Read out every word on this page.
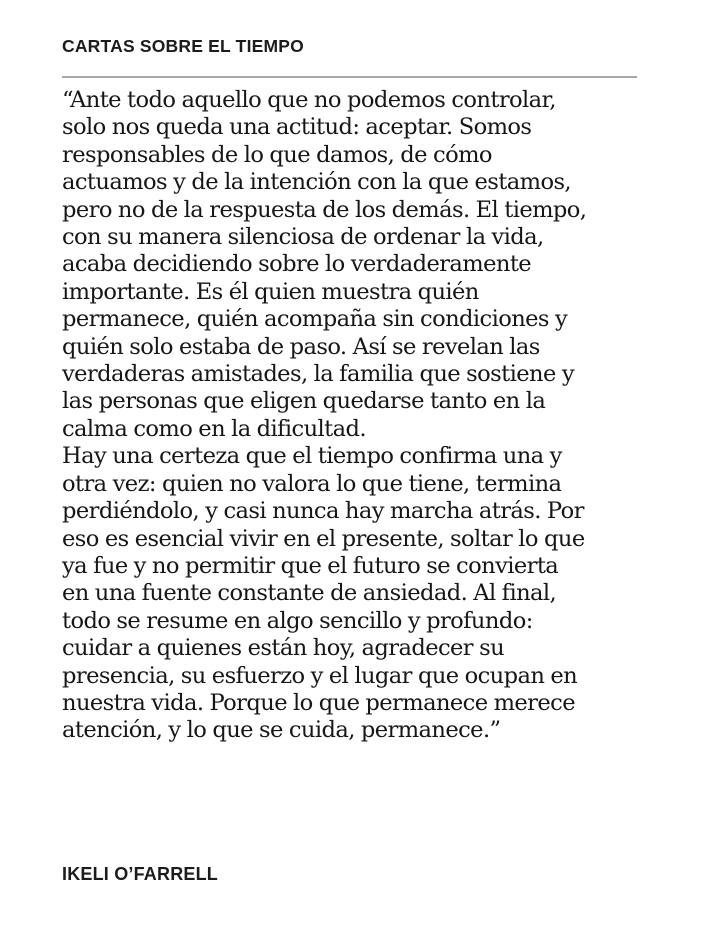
CARTAS SOBRE EL TIEMPO
“Ante todo aquello que no podemos controlar,
solo nos queda una actitud: aceptar. Somos
responsables de lo que damos, de cómo
actuamos y de la intención con la que estamos,
pero no de la respuesta de los demás. El tiempo,
con su manera silenciosa de ordenar la vida,
acaba decidiendo sobre lo verdaderamente
importante. Es él quien muestra quién
permanece, quién acompaña sin condiciones y
quién solo estaba de paso. Así se revelan las
verdaderas amistades, la familia que sostiene y
las personas que eligen quedarse tanto en la
calma como en la dificultad.
Hay una certeza que el tiempo confirma una y
otra vez: quien no valora lo que tiene, termina
perdiéndolo, y casi nunca hay marcha atrás. Por
eso es esencial vivir en el presente, soltar lo que
ya fue y no permitir que el futuro se convierta
en una fuente constante de ansiedad. Al final,
todo se resume en algo sencillo y profundo:
cuidar a quienes están hoy, agradecer su
presencia, su esfuerzo y el lugar que ocupan en
nuestra vida. Porque lo que permanece merece
atención, y lo que se cuida, permanece.”
IKELI O’FARRELL
